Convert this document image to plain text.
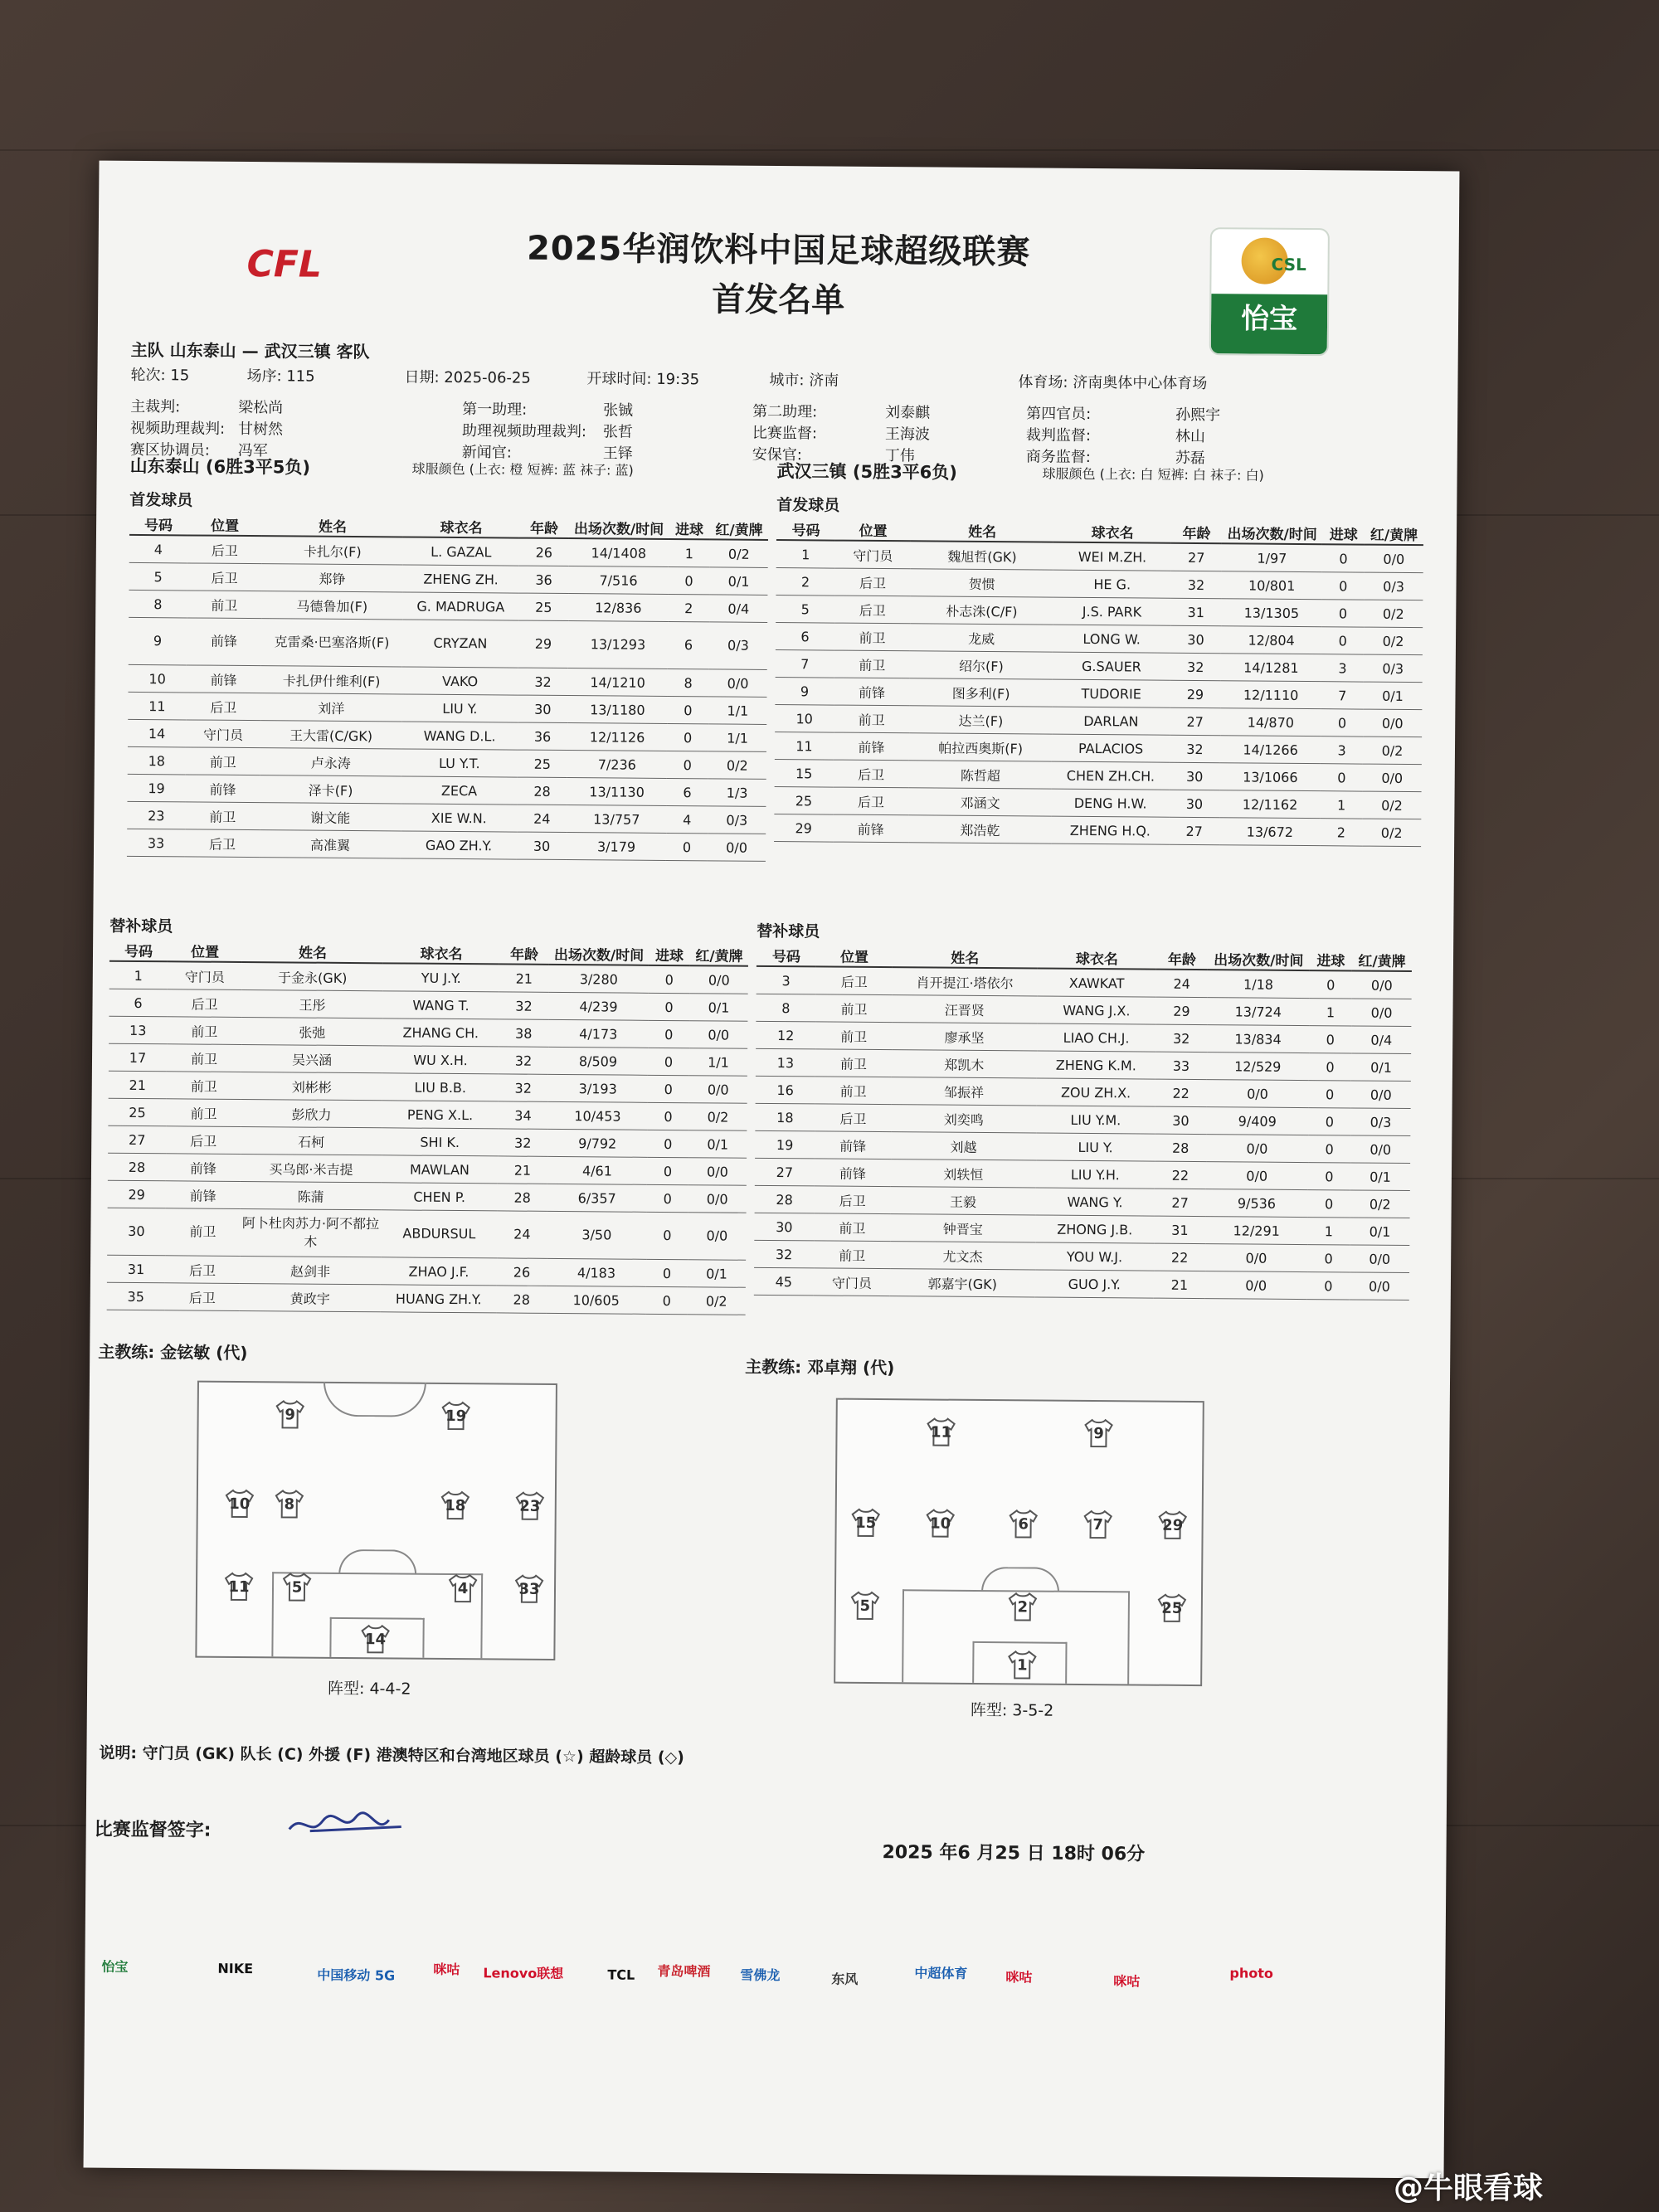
CFL	CSL
怡宝
2025华润饮料中国足球超级联赛
首发名单
主队 山东泰山 — 武汉三镇 客队
轮次: 15	场序: 115	日期: 2025-06-25	开球时间: 19:35	城市: 济南	体育场: 济南奥体中心体育场
主裁判:	梁松尚	第一助理:	张铖	第二助理:	刘泰麒	第四官员:	孙熙宇
视频助理裁判: 甘树然	助理视频助理裁判: 张哲	比赛监督:	王海波	裁判监督:	林山
赛区协调员: 冯军	新闻官:	王铎	安保官:	丁伟	商务监督:	苏磊
山东泰山 (6胜3平5负)	球服颜色 (上衣: 橙 短裤: 蓝 袜子: 蓝)	武汉三镇 (5胜3平6负)	球服颜色 (上衣: 白 短裤: 白 袜子: 白)
首发球员	首发球员
号码	位置	姓名	球衣名	年龄	出场次数/时间	进球	红/黄牌
4	后卫	卡扎尔(F)	L. GAZAL	26	14/1408	1	0/2
5	后卫	郑铮	ZHENG ZH.	36	7/516	0	0/1
8	前卫	马德鲁加(F)	G. MADRUGA	25	12/836	2	0/4
9	前锋	克雷桑·巴塞洛斯(F)	CRYZAN	29	13/1293	6	0/3
10	前锋	卡扎伊什维利(F)	VAKO	32	14/1210	8	0/0
11	后卫	刘洋	LIU Y.	30	13/1180	0	1/1
14	守门员	王大雷(C/GK)	WANG D.L.	36	12/1126	0	1/1
18	前卫	卢永涛	LU Y.T.	25	7/236	0	0/2
19	前锋	泽卡(F)	ZECA	28	13/1130	6	1/3
23	前卫	谢文能	XIE W.N.	24	13/757	4	0/3
33	后卫	高准翼	GAO ZH.Y.	30	3/179	0	0/0
号码	位置	姓名	球衣名	年龄	出场次数/时间	进球	红/黄牌
1	守门员	魏旭哲(GK)	WEI M.ZH.	27	1/97	0	0/0
2	后卫	贺惯	HE G.	32	10/801	0	0/3
5	后卫	朴志洙(C/F)	J.S. PARK	31	13/1305	0	0/2
6	前卫	龙威	LONG W.	30	12/804	0	0/2
7	前卫	绍尔(F)	G.SAUER	32	14/1281	3	0/3
9	前锋	图多利(F)	TUDORIE	29	12/1110	7	0/1
10	前卫	达兰(F)	DARLAN	27	14/870	0	0/0
11	前锋	帕拉西奥斯(F)	PALACIOS	32	14/1266	3	0/2
15	后卫	陈哲超	CHEN ZH.CH.	30	13/1066	0	0/0
25	后卫	邓涵文	DENG H.W.	30	12/1162	1	0/2
29	前锋	郑浩乾	ZHENG H.Q.	27	13/672	2	0/2
替补球员	替补球员
号码	位置	姓名	球衣名	年龄	出场次数/时间	进球	红/黄牌
1	守门员	于金永(GK)	YU J.Y.	21	3/280	0	0/0
6	后卫	王彤	WANG T.	32	4/239	0	0/1
13	前卫	张弛	ZHANG CH.	38	4/173	0	0/0
17	前卫	吴兴涵	WU X.H.	32	8/509	0	1/1
21	前卫	刘彬彬	LIU B.B.	32	3/193	0	0/0
25	前卫	彭欣力	PENG X.L.	34	10/453	0	0/2
27	后卫	石柯	SHI K.	32	9/792	0	0/1
28	前锋	买乌郎·米吉提	MAWLAN	21	4/61	0	0/0
29	前锋	陈蒲	CHEN P.	28	6/357	0	0/0
30	前卫	阿卜杜肉苏力·阿不都拉木	ABDURSUL	24	3/50	0	0/0
31	后卫	赵剑非	ZHAO J.F.	26	4/183	0	0/1
35	后卫	黄政宇	HUANG ZH.Y.	28	10/605	0	0/2
号码	位置	姓名	球衣名	年龄	出场次数/时间	进球	红/黄牌
3	后卫	肖开提江·塔依尔	XAWKAT	24	1/18	0	0/0
8	前卫	汪晋贤	WANG J.X.	29	13/724	1	0/0
12	前卫	廖承坚	LIAO CH.J.	32	13/834	0	0/4
13	前卫	郑凯木	ZHENG K.M.	33	12/529	0	0/1
16	前卫	邹振祥	ZOU ZH.X.	22	0/0	0	0/0
18	后卫	刘奕鸣	LIU Y.M.	30	9/409	0	0/3
19	前锋	刘越	LIU Y.	28	0/0	0	0/0
27	前锋	刘轶恒	LIU Y.H.	22	0/0	0	0/1
28	后卫	王毅	WANG Y.	27	9/536	0	0/2
30	前卫	钟晋宝	ZHONG J.B.	31	12/291	1	0/1
32	前卫	尤文杰	YOU W.J.	22	0/0	0	0/0
45	守门员	郭嘉宇(GK)	GUO J.Y.	21	0/0	0	0/0
主教练: 金铉敏 (代)
主教练: 邓卓翔 (代)
9	19
10	8	18	23
11	5	4	33
14
阵型: 4-4-2
11	9
15	10	6	7	29
5	2	25
1
阵型: 3-5-2
说明: 守门员 (GK) 队长 (C) 外援 (F) 港澳特区和台湾地区球员 (☆) 超龄球员 (◇)
比赛监督签字:
2025 年6 月25 日 18时 06分
怡宝	NIKE	中国移动 5G	咪咕 Lenovo联想	TCL 青岛啤酒 雪佛龙	东风	中超体育	咪咕	咪咕
photo
@牛眼看球
